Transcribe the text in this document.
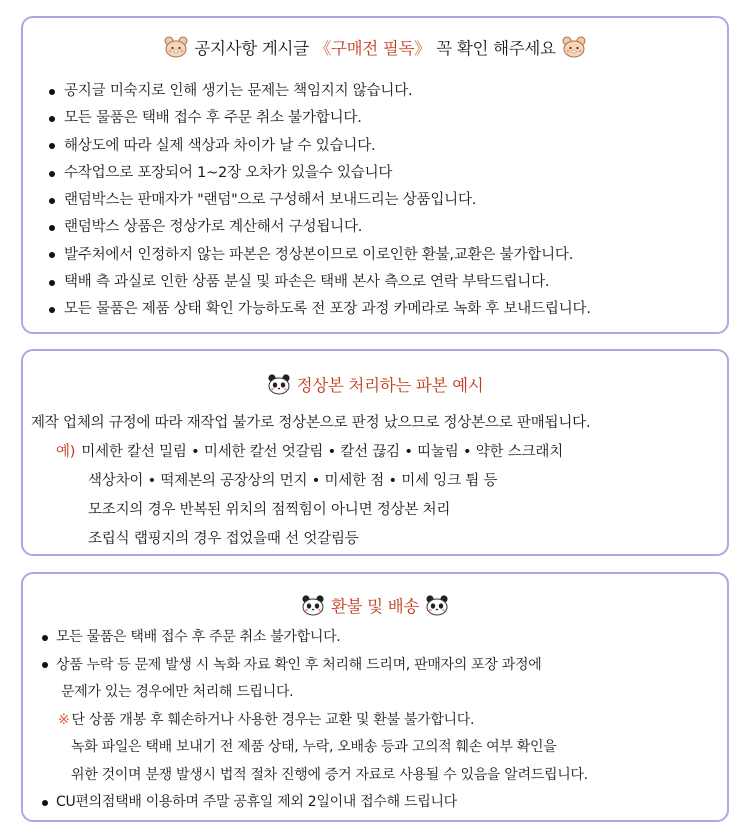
공지사항 게시글 《구매전 필독》 꼭 확인 해주세요
공지글 미숙지로 인해 생기는 문제는 책임지지 않습니다.
모든 물품은 택배 접수 후 주문 취소 불가합니다.
해상도에 따라 실제 색상과 차이가 날 수 있습니다.
수작업으로 포장되어 1~2장 오차가 있을수 있습니다
랜덤박스는 판매자가 "랜덤"으로 구성해서 보내드리는 상품입니다.
랜덤박스 상품은 정상가로 계산해서 구성됩니다.
발주처에서 인정하지 않는 파본은 정상본이므로 이로인한 환불,교환은 불가합니다.
택배 측 과실로 인한 상품 분실 및 파손은 택배 본사 측으로 연락 부탁드립니다.
모든 물품은 제품 상태 확인 가능하도록 전 포장 과정 카메라로 녹화 후 보내드립니다.
정상본 처리하는 파본 예시
제작 업체의 규정에 따라 재작업 불가로 정상본으로 판정 났으므로 정상본으로 판매됩니다.
예) 미세한 칼선 밀림 • 미세한 칼선 엇갈림 • 칼선 끊김 • 띠눌림 • 약한 스크래치
색상차이 • 떡제본의 공장상의 먼지 • 미세한 점 • 미세 잉크 튐 등
모조지의 경우 반복된 위치의 점찍힘이 아니면 정상본 처리
조립식 랩핑지의 경우 접었을때 선 엇갈림등
환불 및 배송
모든 물품은 택배 접수 후 주문 취소 불가합니다.
상품 누락 등 문제 발생 시 녹화 자료 확인 후 처리해 드리며, 판매자의 포장 과정에
문제가 있는 경우에만 처리해 드립니다.
※ 단 상품 개봉 후 훼손하거나 사용한 경우는 교환 및 환불 불가합니다.
녹화 파일은 택배 보내기 전 제품 상태, 누락, 오배송 등과 고의적 훼손 여부 확인을
위한 것이며 분쟁 발생시 법적 절차 진행에 증거 자료로 사용될 수 있음을 알려드립니다.
CU편의점택배 이용하며 주말 공휴일 제외 2일이내 접수해 드립니다
